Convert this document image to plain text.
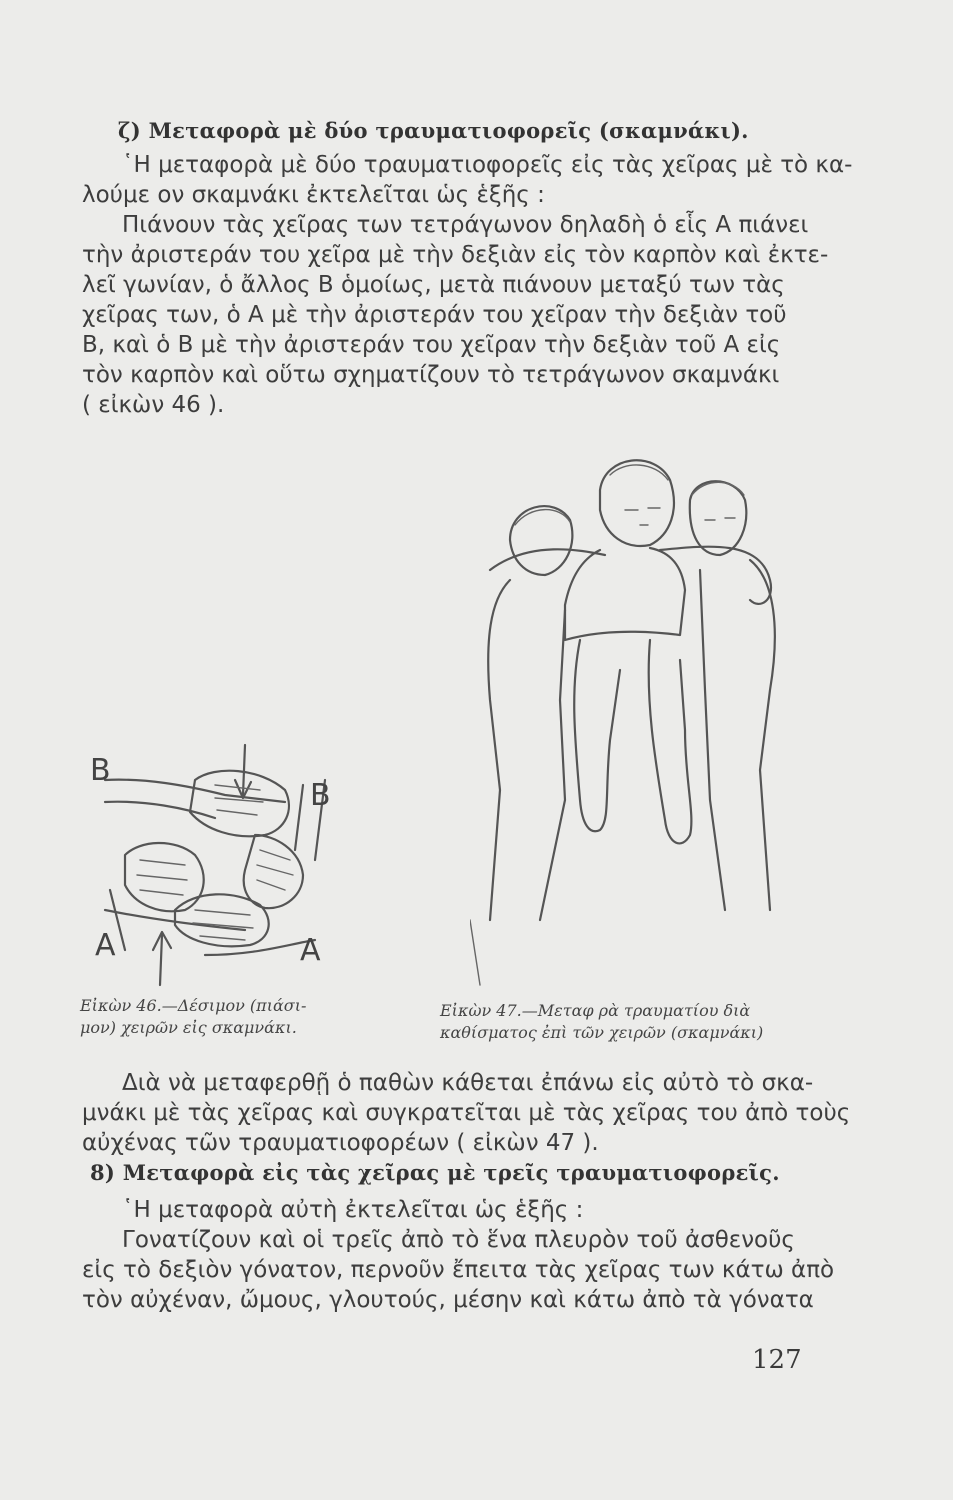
ζ) Μεταφορὰ μὲ δύο τραυματιοφορεῖς (σκαμνάκι).
῾Η μεταφορὰ μὲ δύο τραυματιοφορεῖς εἰς τὰς χεῖρας μὲ τὸ κα-
λούμε ον σκαμνάκι ἐκτελεῖται ὡς ἑξῆς :
Πιάνουν τὰς χεῖρας των τετράγωνον δηλαδὴ ὁ εἷς Α πιάνει
τὴν ἀριστεράν του χεῖρα μὲ τὴν δεξιὰν εἰς τὸν καρπὸν καὶ ἐκτε-
λεῖ γωνίαν, ὁ ἄλλος Β ὁμοίως, μετὰ πιάνουν μεταξύ των τὰς
χεῖρας των, ὁ Α μὲ τὴν ἀριστεράν του χεῖραν τὴν δεξιὰν τοῦ
Β, καὶ ὁ Β μὲ τὴν ἀριστεράν του χεῖραν τὴν δεξιὰν τοῦ Α εἰς
τὸν καρπὸν καὶ οὕτω σχηματίζουν τὸ τετράγωνον σκαμνάκι
( εἰκὼν 46 ).
B
B
A	A
Εἰκὼν 46.—Δέσιμον (πιάσι-
μον) χειρῶν εἰς σκαμνάκι.
Εἰκὼν 47.—Μεταφ ρὰ τραυματίου διὰ
καθίσματος ἐπὶ τῶν χειρῶν (σκαμνάκι)
Διὰ νὰ μεταφερθῇ ὁ παθὼν κάθεται ἐπάνω εἰς αὐτὸ τὸ σκα-
μνάκι μὲ τὰς χεῖρας καὶ συγκρατεῖται μὲ τὰς χεῖρας του ἀπὸ τοὺς
αὐχένας τῶν τραυματιοφορέων ( εἰκὼν 47 ).
8) Μεταφορὰ εἰς τὰς χεῖρας μὲ τρεῖς τραυματιοφορεῖς.
῾Η μεταφορὰ αὐτὴ ἐκτελεῖται ὡς ἑξῆς :
Γονατίζουν καὶ οἱ τρεῖς ἀπὸ τὸ ἕνα πλευρὸν τοῦ ἀσθενοῦς
εἰς τὸ δεξιὸν γόνατον, περνοῦν ἔπειτα τὰς χεῖρας των κάτω ἀπὸ
τὸν αὐχέναν, ὤμους, γλουτούς, μέσην καὶ κάτω ἀπὸ τὰ γόνατα
127
